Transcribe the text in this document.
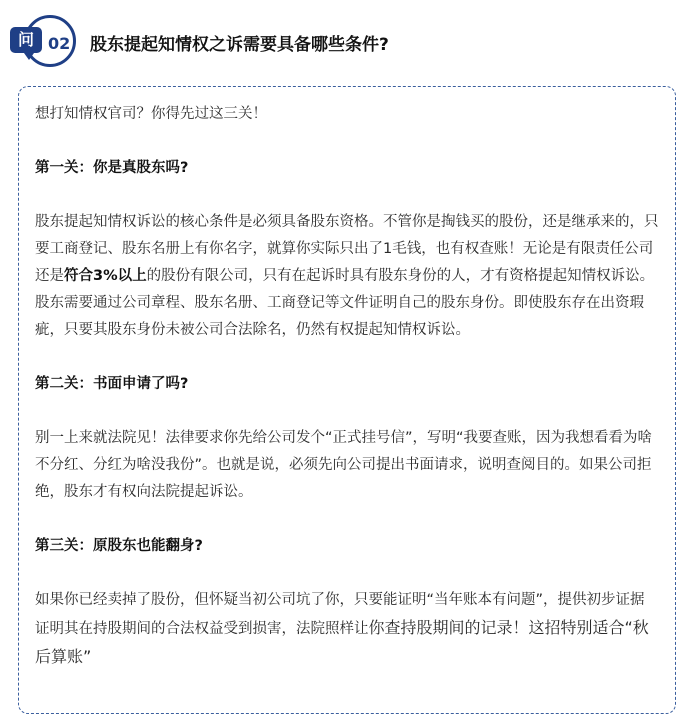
问 02 股东提起知情权之诉需要具备哪些条件?

想打知情权官司？你得先过这三关！

第一关：你是真股东吗?

股东提起知情权诉讼的核心条件是必须具备股东资格。不管你是掏钱买的股份，还是继承来的，只要工商登记、股东名册上有你名字，就算你实际只出了1毛钱，也有权查账！无论是有限责任公司还是符合3%以上的股份有限公司，只有在起诉时具有股东身份的人，才有资格提起知情权诉讼。股东需要通过公司章程、股东名册、工商登记等文件证明自己的股东身份。即使股东存在出资瑕疵，只要其股东身份未被公司合法除名，仍然有权提起知情权诉讼。

第二关：书面申请了吗?

别一上来就法院见！法律要求你先给公司发个“正式挂号信”，写明“我要查账，因为我想看看为啥不分红、分红为啥没我份”。也就是说，必须先向公司提出书面请求，说明查阅目的。如果公司拒绝，股东才有权向法院提起诉讼。

第三关：原股东也能翻身?

如果你已经卖掉了股份，但怀疑当初公司坑了你，只要能证明“当年账本有问题”，提供初步证据证明其在持股期间的合法权益受到损害，法院照样让你查持股期间的记录！这招特别适合“秋后算账”
